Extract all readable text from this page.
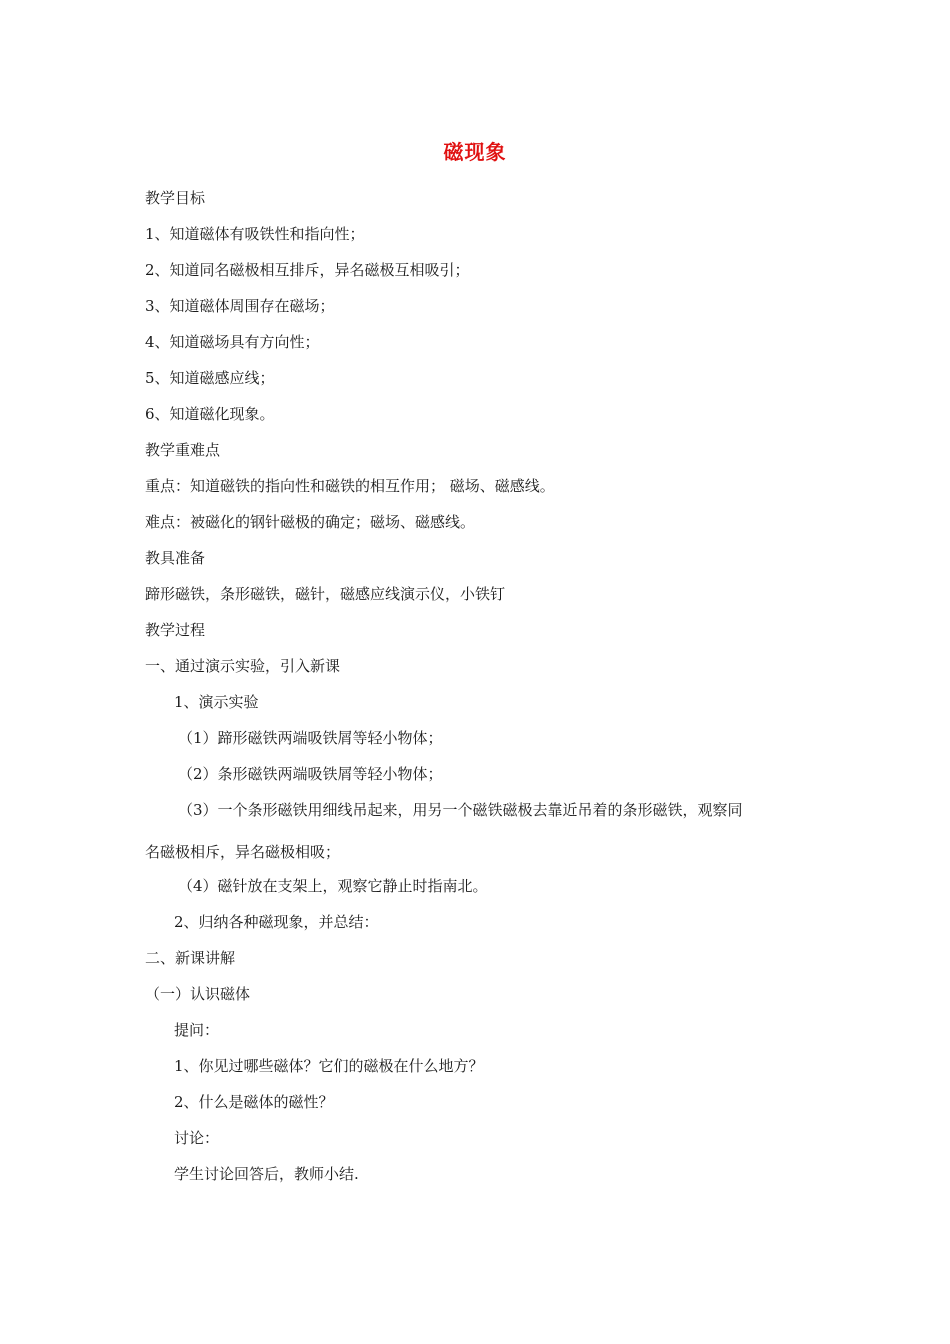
磁现象
教学目标
1、知道磁体有吸铁性和指向性；
2、知道同名磁极相互排斥，异名磁极互相吸引；
3、知道磁体周围存在磁场；
4、知道磁场具有方向性；
5、知道磁感应线；
6、知道磁化现象。
教学重难点
重点：知道磁铁的指向性和磁铁的相互作用； 磁场、磁感线。
难点：被磁化的钢针磁极的确定；磁场、磁感线。
教具准备
蹄形磁铁，条形磁铁，磁针，磁感应线演示仪，小铁钉
教学过程
一、通过演示实验，引入新课
1、演示实验
（1）蹄形磁铁两端吸铁屑等轻小物体；
（2）条形磁铁两端吸铁屑等轻小物体；
（3）一个条形磁铁用细线吊起来，用另一个磁铁磁极去靠近吊着的条形磁铁，观察同
名磁极相斥，异名磁极相吸；
（4）磁针放在支架上，观察它静止时指南北。
2、归纳各种磁现象，并总结：
二、新课讲解
（一）认识磁体
提问：
1、你见过哪些磁体？它们的磁极在什么地方？
2、什么是磁体的磁性？
讨论：
学生讨论回答后，教师小结.
